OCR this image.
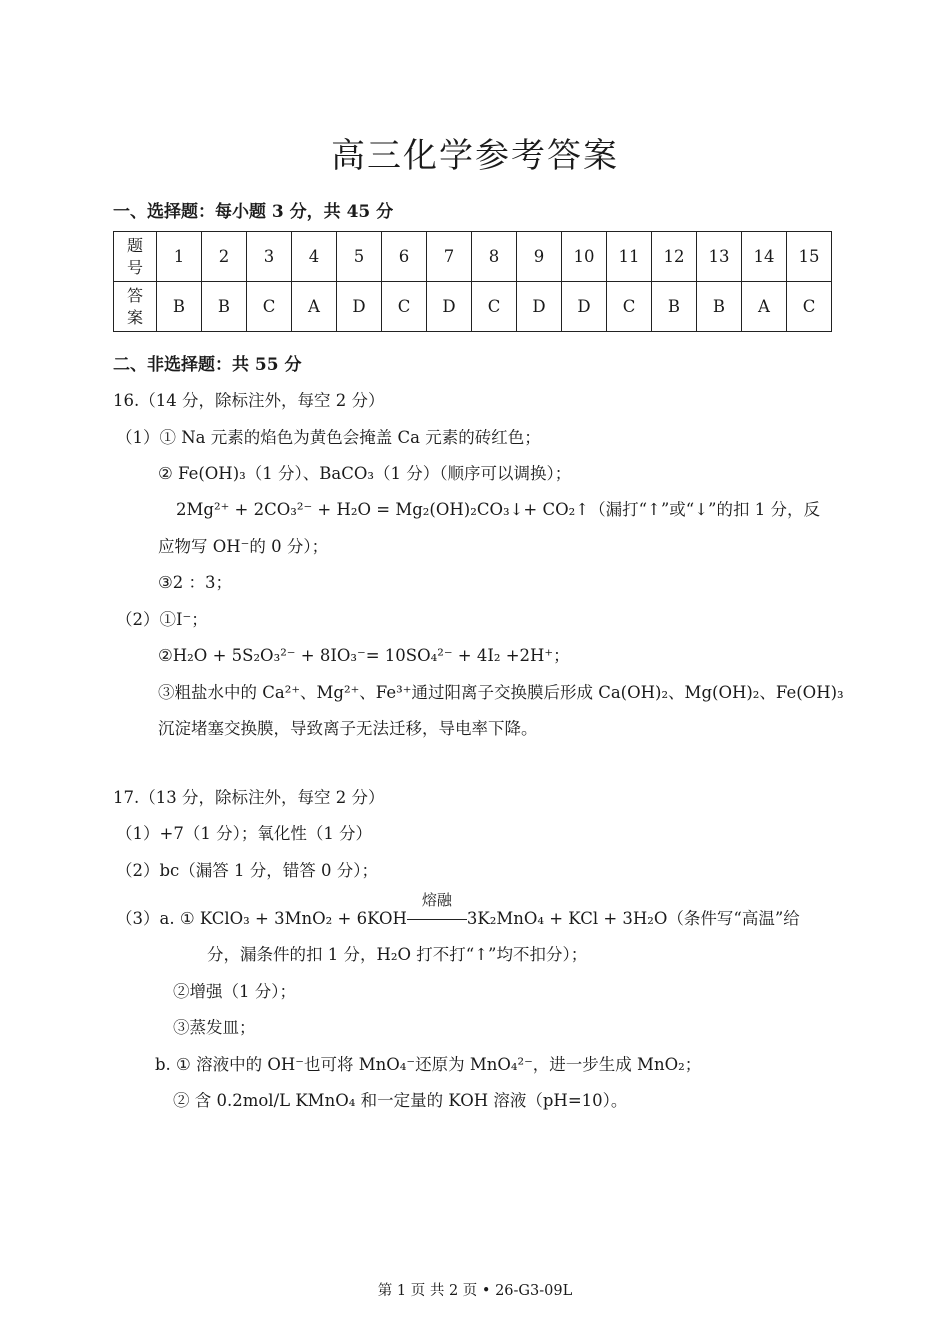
高三化学参考答案
一、选择题：每小题 3 分，共 45 分
题号	1	2	3	4	5	6	7	8	9	10	11	12	13	14	15
答案	B	B	C	A	D	C	D	C	D	D	C	B	B	A	C
二、非选择题：共 55 分
16.（14 分，除标注外，每空 2 分）
（1）① Na 元素的焰色为黄色会掩盖 Ca 元素的砖红色；
② Fe(OH)₃（1 分）、BaCO₃（1 分）（顺序可以调换）；
2Mg²⁺ + 2CO₃²⁻ + H₂O = Mg₂(OH)₂CO₃↓+ CO₂↑（漏打“↑”或“↓”的扣 1 分，反
应物写 OH⁻的 0 分）；
③2 ：3；
（2）①I⁻；
②H₂O + 5S₂O₃²⁻ + 8IO₃⁻= 10SO₄²⁻ + 4I₂ +2H⁺；
③粗盐水中的 Ca²⁺、Mg²⁺、Fe³⁺通过阳离子交换膜后形成 Ca(OH)₂、Mg(OH)₂、Fe(OH)₃
沉淀堵塞交换膜，导致离子无法迁移，导电率下降。
17.（13 分，除标注外，每空 2 分）
（1）+7（1 分）；氧化性（1 分）
（2）bc（漏答 1 分，错答 0 分）；
（3）a. ① KClO₃ + 3MnO₂ + 6KOH
熔融
3K₂MnO₄ + KCl + 3H₂O（条件写“高温”给
分，漏条件的扣 1 分，H₂O 打不打“↑”均不扣分）；
②增强（1 分）；
③蒸发皿；
b. ① 溶液中的 OH⁻也可将 MnO₄⁻还原为 MnO₄²⁻，进一步生成 MnO₂；
② 含 0.2mol/L KMnO₄ 和一定量的 KOH 溶液（pH=10）。
第 1 页 共 2 页 • 26-G3-09L
